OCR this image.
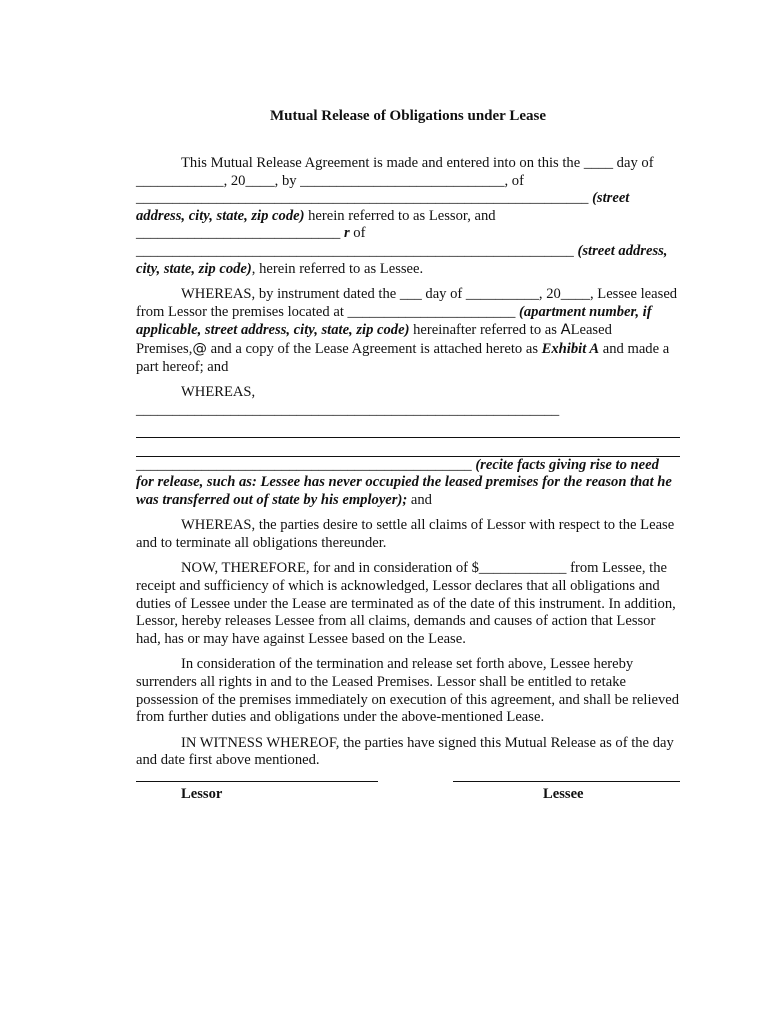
Mutual Release of Obligations under Lease

This Mutual Release Agreement is made and entered into on this the ____ day of ____________, 20____, by ____________________________, of ______________________________________________________________ (street address, city, state, zip code) herein referred to as Lessor, and ____________________________ r of ____________________________________________________________ (street address, city, state, zip code), herein referred to as Lessee.

WHEREAS, by instrument dated the ___ day of __________, 20____, Lessee leased from Lessor the premises located at _______________________ (apartment number, if applicable, street address, city, state, zip code) hereinafter referred to as ALeased Premises,@ and a copy of the Lease Agreement is attached hereto as Exhibit A and made a part hereof; and

WHEREAS, __________________________________________________________
______________________________________________ (recite facts giving rise to need for release, such as: Lessee has never occupied the leased premises for the reason that he was transferred out of state by his employer); and

WHEREAS, the parties desire to settle all claims of Lessor with respect to the Lease and to terminate all obligations thereunder.

NOW, THEREFORE, for and in consideration of $____________ from Lessee, the receipt and sufficiency of which is acknowledged, Lessor declares that all obligations and duties of Lessee under the Lease are terminated as of the date of this instrument. In addition, Lessor, hereby releases Lessee from all claims, demands and causes of action that Lessor had, has or may have against Lessee based on the Lease.

In consideration of the termination and release set forth above, Lessee hereby surrenders all rights in and to the Leased Premises. Lessor shall be entitled to retake possession of the premises immediately on execution of this agreement, and shall be relieved from further duties and obligations under the above-mentioned Lease.

IN WITNESS WHEREOF, the parties have signed this Mutual Release as of the day and date first above mentioned.

Lessor	Lessee
